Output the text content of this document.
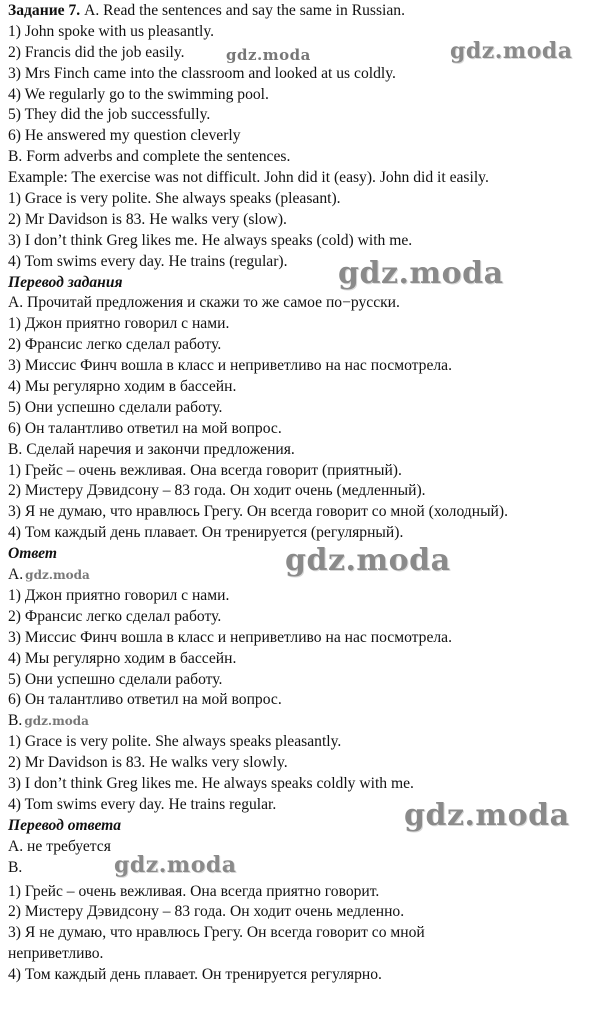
Задание 7. A. Read the sentences and say the same in Russian.
1) John spoke with us pleasantly.
2) Francis did the job easily.
3) Mrs Finch came into the classroom and looked at us coldly.
4) We regularly go to the swimming pool.
5) They did the job successfully.
6) He answered my question cleverly
B. Form adverbs and complete the sentences.
Example: The exercise was not difficult. John did it (easy). John did it easily.
1) Grace is very polite. She always speaks (pleasant).
2) Mr Davidson is 83. He walks very (slow).
3) I don’t think Greg likes me. He always speaks (cold) with me.
4) Tom swims every day. He trains (regular).
Перевод задания
А. Прочитай предложения и скажи то же самое по−русски.
1) Джон приятно говорил с нами.
2) Франсис легко сделал работу.
3) Миссис Финч вошла в класс и неприветливо на нас посмотрела.
4) Мы регулярно ходим в бассейн.
5) Они успешно сделали работу.
6) Он талантливо ответил на мой вопрос.
В. Сделай наречия и закончи предложения.
1) Грейс – очень вежливая. Она всегда говорит (приятный).
2) Мистеру Дэвидсону – 83 года. Он ходит очень (медленный).
3) Я не думаю, что нравлюсь Грегу. Он всегда говорит со мной (холодный).
4) Том каждый день плавает. Он тренируется (регулярный).
Ответ
А. gdz.moda
1) Джон приятно говорил с нами.
2) Франсис легко сделал работу.
3) Миссис Финч вошла в класс и неприветливо на нас посмотрела.
4) Мы регулярно ходим в бассейн.
5) Они успешно сделали работу.
6) Он талантливо ответил на мой вопрос.
B. gdz.moda
1) Grace is very polite. She always speaks pleasantly.
2) Mr Davidson is 83. He walks very slowly.
3) I don’t think Greg likes me. He always speaks coldly with me.
4) Tom swims every day. He trains regular.
Перевод ответа
А. не требуется
В.
1) Грейс – очень вежливая. Она всегда приятно говорит.
2) Мистеру Дэвидсону – 83 года. Он ходит очень медленно.
3) Я не думаю, что нравлюсь Грегу. Он всегда говорит со мной
неприветливо.
4) Том каждый день плавает. Он тренируется регулярно.
gdz.moda	gdz.moda
gdz.moda
gdz.moda
gdz.moda
gdz.moda
